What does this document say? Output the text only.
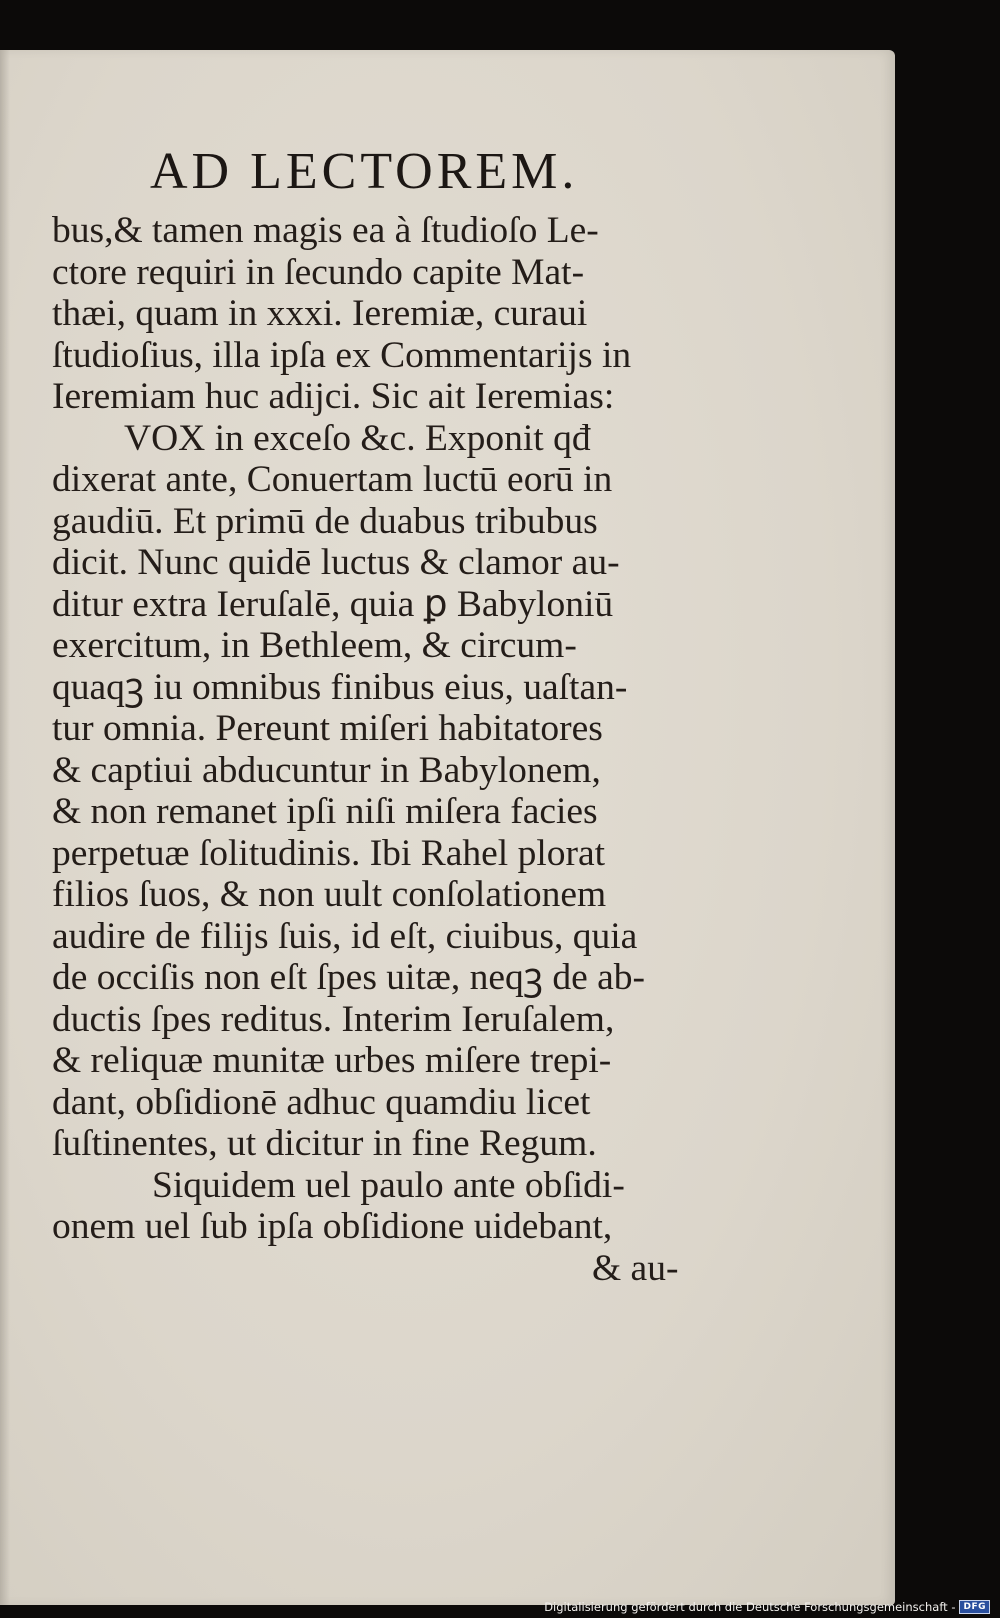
AD LECTOREM.
bus,& tamen magis ea à ſtudioſo Le-
ctore requiri in ſecundo capite Mat-
thæi, quam in xxxi. Ieremiæ, curaui
ſtudioſius, illa ipſa ex Commentarijs in
Ieremiam huc adijci. Sic ait Ieremias:
VOX in exceſo &c. Exponit qđ
dixerat ante, Conuertam luctū eorū in
gaudiū. Et primū de duabus tribubus
dicit. Nunc quidē luctus & clamor au-
ditur extra Ieruſalē, quia ꝑ Babyloniū
exercitum, in Bethleem, & circum-
quaqꝫ iu omnibus finibus eius, uaſtan-
tur omnia. Pereunt miſeri habitatores
& captiui abducuntur in Babylonem,
& non remanet ipſi niſi miſera facies
perpetuæ ſolitudinis. Ibi Rahel plorat
filios ſuos, & non uult conſolationem
audire de filijs ſuis, id eſt, ciuibus, quia
de occiſis non eſt ſpes uitæ, neqꝫ de ab-
ductis ſpes reditus. Interim Ieruſalem,
& reliquæ munitæ urbes miſere trepi-
dant, obſidionē adhuc quamdiu licet
ſuſtinentes, ut dicitur in fine Regum.
Siquidem uel paulo ante obſidi-
onem uel ſub ipſa obſidione uidebant,
& au-
Digitalisierung gefördert durch die Deutsche Forschungsgemeinschaft - DFG
